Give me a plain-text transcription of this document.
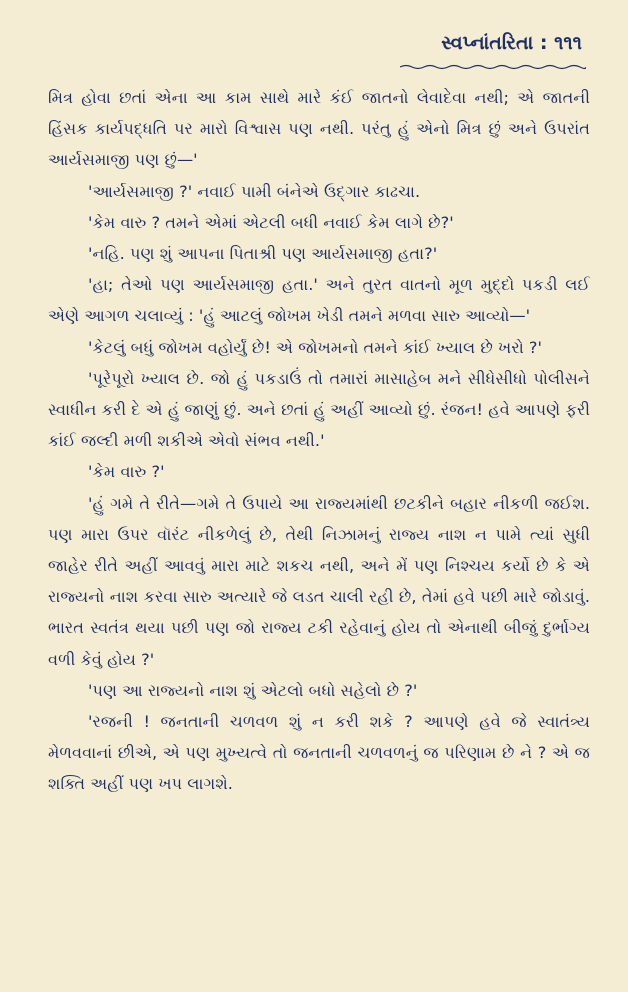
સ્વપ્નાંતરિતા : ૧૧૧

મિત્ર હોવા છતાં એના આ કામ સાથે મારે કંઈ જાતનો લેવાદેવા નથી; એ જાતની હિંસક કાર્યપદ્ધતિ પર મારો વિશ્વાસ પણ નથી. પરંતુ હું એનો મિત્ર છું અને ઉપરાંત આર્યસમાજી પણ છું—'

'આર્યસમાજી ?' નવાઈ પામી બંનેએ ઉદ્ગાર કાઢચા.

'કેમ વારુ ? તમને એમાં એટલી બધી નવાઈ કેમ લાગે છે?'

'નહિ. પણ શું આપના પિતાશ્રી પણ આર્યસમાજી હતા?'

'હા; તેઓ પણ આર્યસમાજી હતા.' અને તુરત વાતનો મૂળ મુદ્દો પકડી લઈ એણે આગળ ચલાવ્યું : 'હું આટલું જોખમ ખેડી તમને મળવા સારુ આવ્યો—'

'કેટલું બધું જોખમ વહોર્યું છે! એ જોખમનો તમને કાંઈ ખ્યાલ છે ખરો ?'

'પૂરેપૂરો ખ્યાલ છે. જો હું પકડાઉં તો તમારાં માસાહેબ મને સીધેસીધો પોલીસને સ્વાધીન કરી દે એ હું જાણું છું. અને છતાં હું અહીં આવ્યો છું. રંજન! હવે આપણે ફરી કાંઈ જલ્દી મળી શકીએ એવો સંભવ નથી.'

'કેમ વારુ ?'

'હું ગમે તે રીતે—ગમે તે ઉપાયે આ રાજ્યમાંથી છટકીને બહાર નીકળી જઈશ. પણ મારા ઉપર વૉરંટ નીકળેલું છે, તેથી નિઝામનું રાજ્ય નાશ ન પામે ત્યાં સુધી જાહેર રીતે અહીં આવવું મારા માટે શકચ નથી, અને મેં પણ નિશ્ચય કર્યો છે કે એ રાજ્યનો નાશ કરવા સારુ અત્યારે જે લડત ચાલી રહી છે, તેમાં હવે પછી મારે જોડાવું. ભારત સ્વતંત્ર થયા પછી પણ જો રાજ્ય ટકી રહેવાનું હોય તો એનાથી બીજું દુર્ભાગ્ય વળી કેવું હોય ?'

'પણ આ રાજ્યનો નાશ શું એટલો બધો સહેલો છે ?'

'રજની ! જનતાની ચળવળ શું ન કરી શકે ? આપણે હવે જે સ્વાતંત્ર્ય મેળવવાનાં છીએ, એ પણ મુખ્યત્વે તો જનતાની ચળવળનું જ પરિણામ છે ને ? એ જ શક્તિ અહીં પણ ખપ લાગશે.
